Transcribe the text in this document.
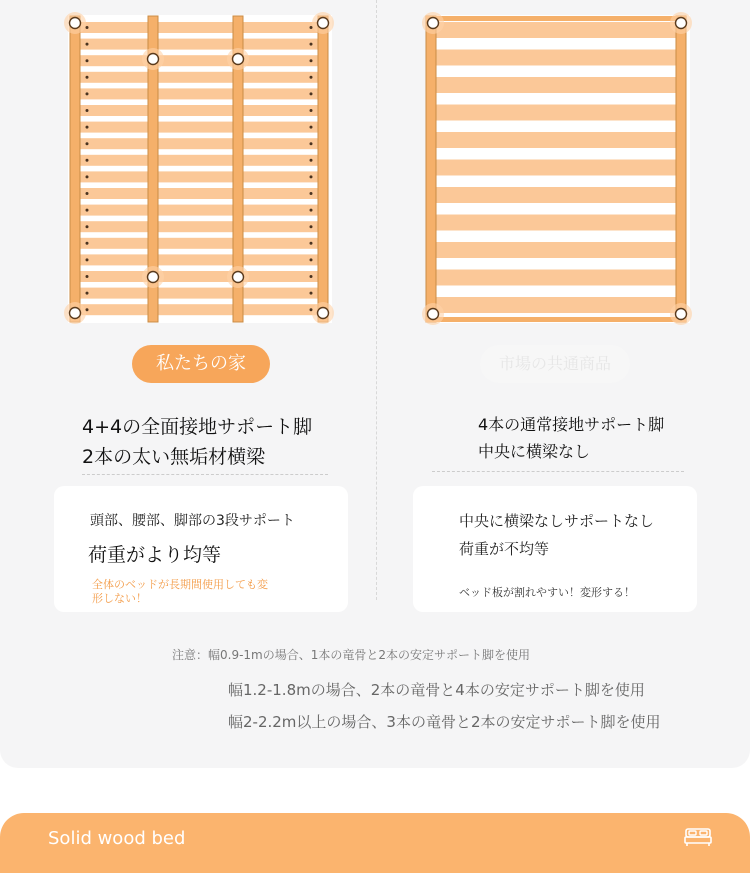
私たちの家	市場の共通商品
4+4の全面接地サポート脚
2本の太い無垢材横梁
4本の通常接地サポート脚
中央に横梁なし
頭部、腰部、脚部の3段サポート
荷重がより均等
全体のベッドが長期間使用しても変
形しない！
中央に横梁なしサポートなし
荷重が不均等
ベッド板が割れやすい！変形する！
注意：幅0.9-1mの場合、1本の竜骨と2本の安定サポート脚を使用
幅1.2-1.8mの場合、2本の竜骨と4本の安定サポート脚を使用
幅2-2.2m以上の場合、3本の竜骨と2本の安定サポート脚を使用
Solid wood bed
